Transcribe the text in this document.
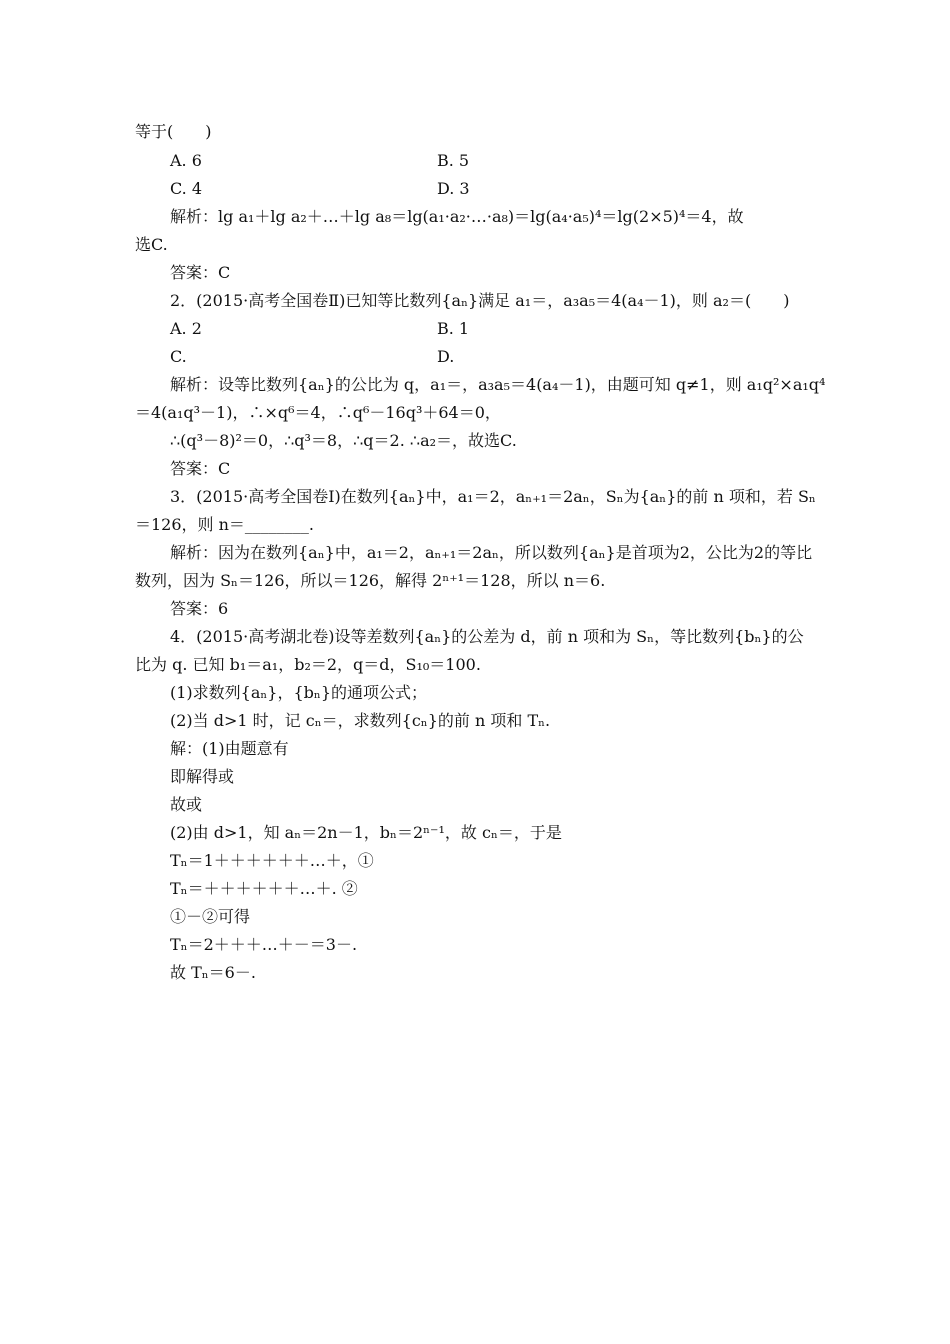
等于(　　)
A. 6	B. 5
C. 4	D. 3
解析：lg a₁＋lg a₂＋…＋lg a₈＝lg(a₁·a₂·…·a₈)＝lg(a₄·a₅)⁴＝lg(2×5)⁴＝4，故
选C.
答案：C
2．(2015·高考全国卷Ⅱ)已知等比数列{aₙ}满足 a₁＝，a₃a₅＝4(a₄－1)，则 a₂＝(　　)
A. 2	B. 1
C.	D.
解析：设等比数列{aₙ}的公比为 q，a₁＝，a₃a₅＝4(a₄－1)，由题可知 q≠1，则 a₁q²×a₁q⁴
＝4(a₁q³－1)，∴×q⁶＝4，∴q⁶－16q³＋64＝0，
∴(q³－8)²＝0，∴q³＝8，∴q＝2. ∴a₂＝，故选C.
答案：C
3．(2015·高考全国卷Ⅰ)在数列{aₙ}中，a₁＝2，aₙ₊₁＝2aₙ，Sₙ为{aₙ}的前 n 项和，若 Sₙ
＝126，则 n＝________.
解析：因为在数列{aₙ}中，a₁＝2，aₙ₊₁＝2aₙ，所以数列{aₙ}是首项为2，公比为2的等比
数列，因为 Sₙ＝126，所以＝126，解得 2ⁿ⁺¹＝128，所以 n＝6.
答案：6
4．(2015·高考湖北卷)设等差数列{aₙ}的公差为 d，前 n 项和为 Sₙ，等比数列{bₙ}的公
比为 q. 已知 b₁＝a₁，b₂＝2，q＝d，S₁₀＝100.
(1)求数列{aₙ}，{bₙ}的通项公式；
(2)当 d>1 时，记 cₙ＝，求数列{cₙ}的前 n 项和 Tₙ.
解：(1)由题意有
即解得或
故或
(2)由 d>1，知 aₙ＝2n－1，bₙ＝2ⁿ⁻¹，故 cₙ＝，于是
Tₙ＝1＋＋＋＋＋＋…＋，①
Tₙ＝＋＋＋＋＋＋…＋. ②
①－②可得
Tₙ＝2＋＋＋…＋－＝3－.
故 Tₙ＝6－.
